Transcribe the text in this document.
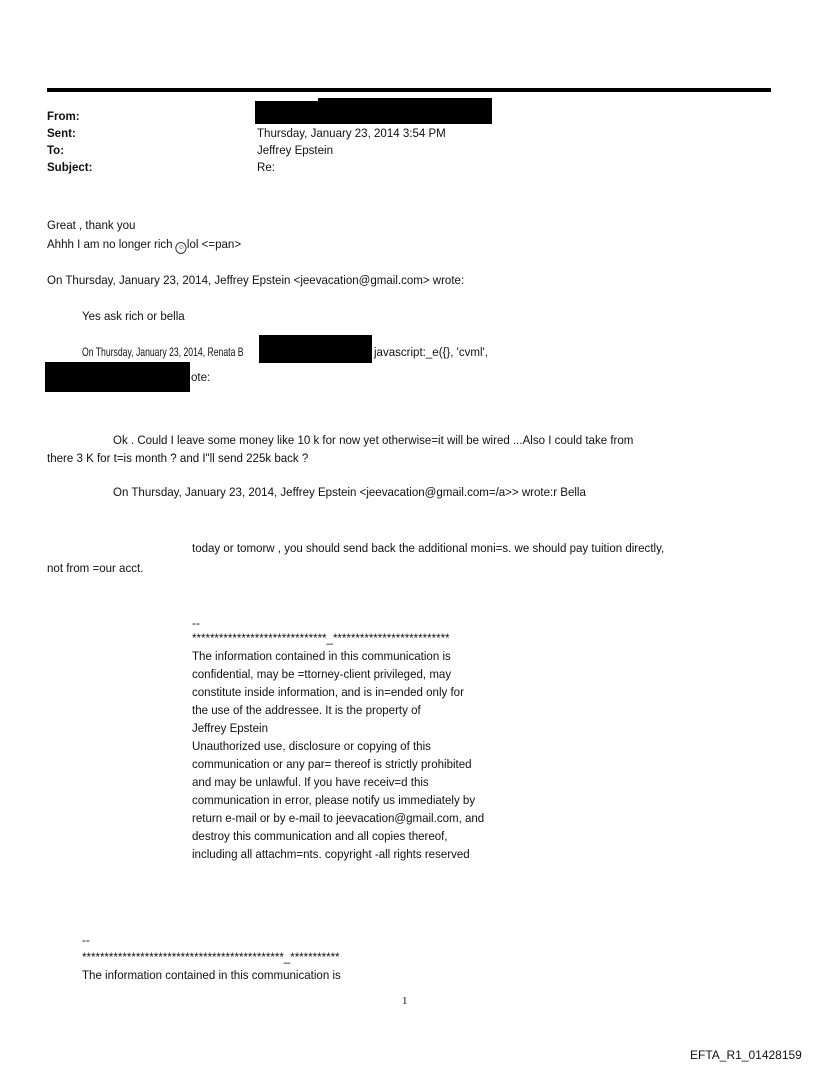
From:
Sent:
To:
Subject:
Thursday, January 23, 2014 3:54 PM
Jeffrey Epstein
Re:
Great , thank you
Ahhh I am no longer rich ☺ lol <=pan>
On Thursday, January 23, 2014, Jeffrey Epstein <jeevacation@gmail.com> wrote:
Yes ask rich or bella
On Thursday, January 23, 2014, Renata B	javascript:_e({}, 'cvml',
ote:
Ok . Could I leave some money like 10 k for now yet otherwise=it will be wired ...Also I could take from
there 3 K for t=is month ? and I"ll send 225k back ?
On Thursday, January 23, 2014, Jeffrey Epstein <jeevacation@gmail.com=/a>> wrote:r Bella
today or tomorw , you should send back the additional moni=s. we should pay tuition directly,
not from =our acct.
--
******************************_**************************
The information contained in this communication is
confidential, may be =ttorney-client privileged, may
constitute inside information, and is in=ended only for
the use of the addressee. It is the property of
Jeffrey Epstein
Unauthorized use, disclosure or copying of this
communication or any par= thereof is strictly prohibited
and may be unlawful. If you have receiv=d this
communication in error, please notify us immediately by
return e-mail or by e-mail to jeevacation@gmail.com, and
destroy this communication and all copies thereof,
including all attachm=nts. copyright -all rights reserved
--
*********************************************_***********
The information contained in this communication is
1
EFTA_R1_01428159
